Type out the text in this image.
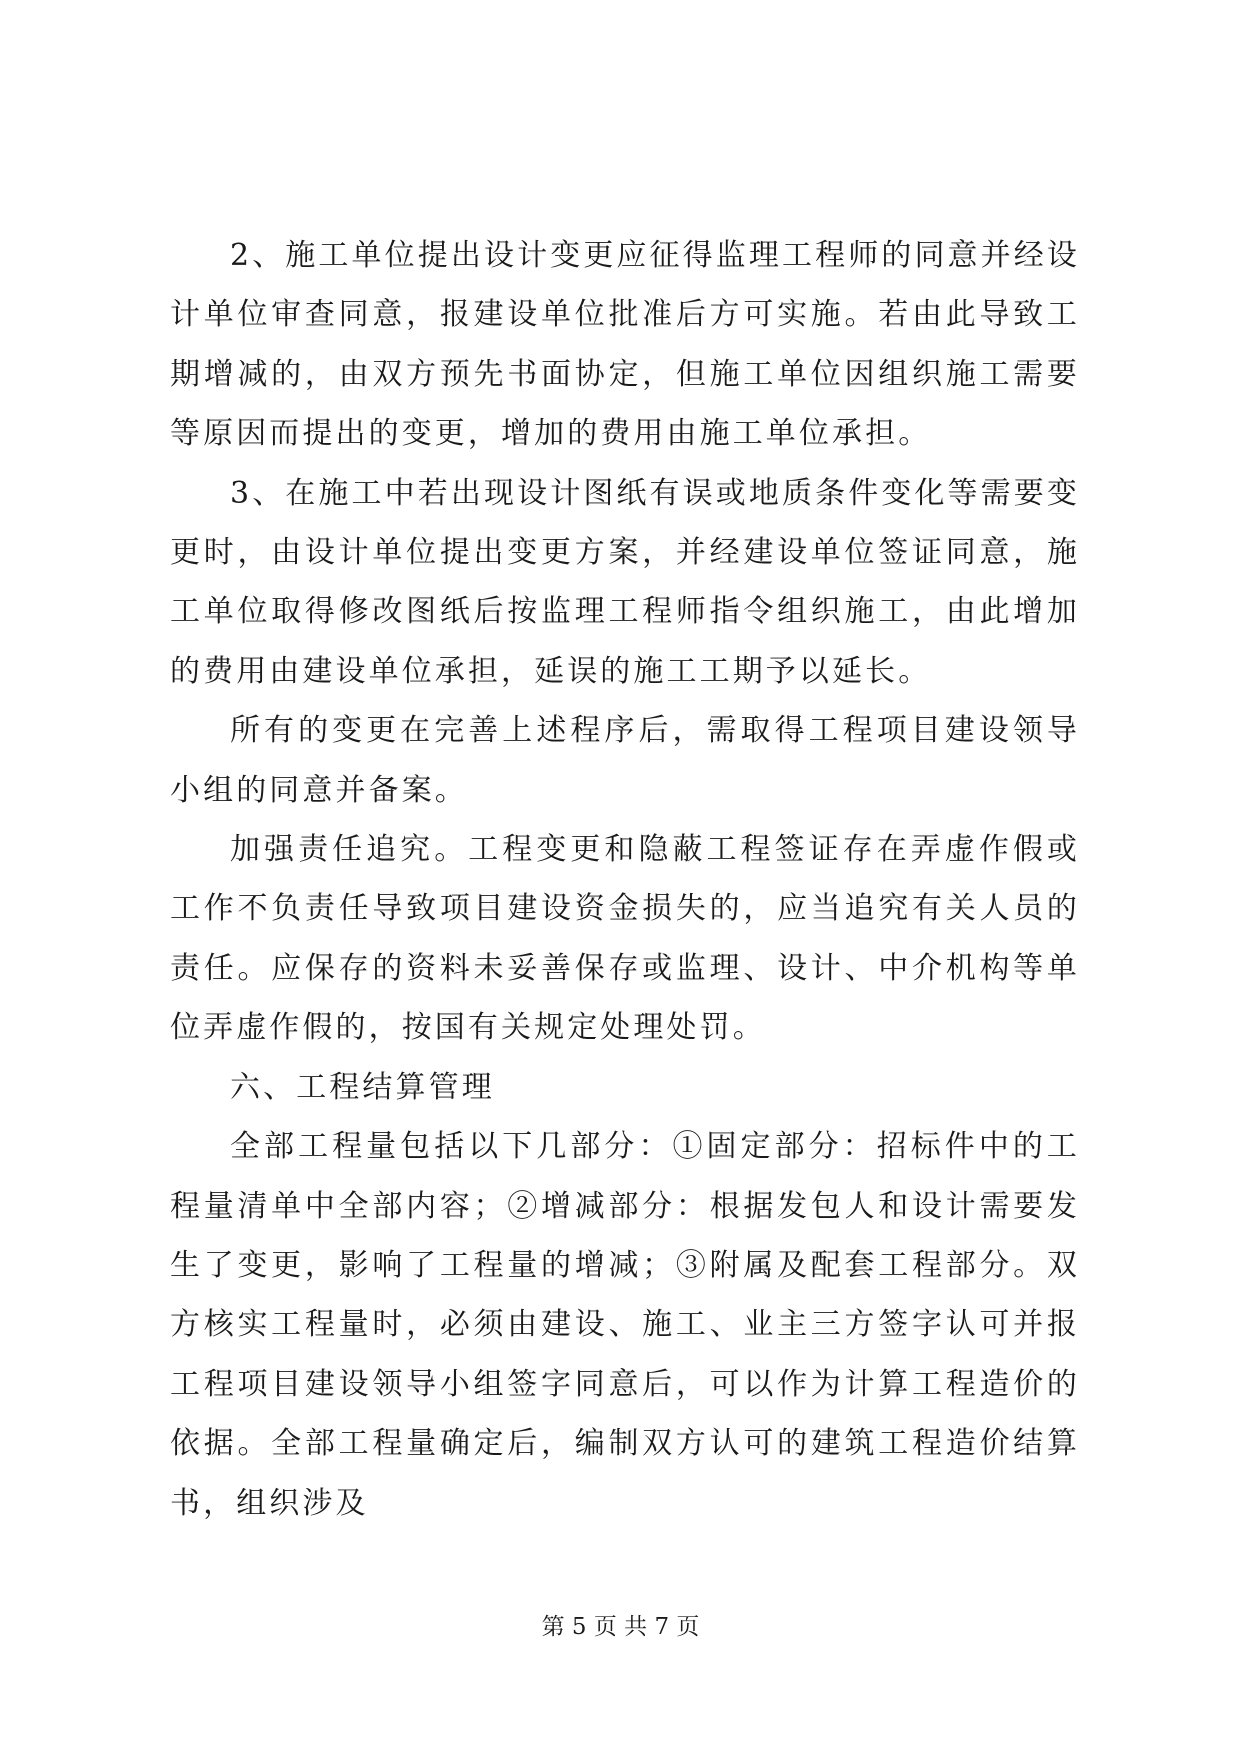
2、施工单位提出设计变更应征得监理工程师的同意并经设计单位审查同意，报建设单位批准后方可实施。若由此导致工期增减的，由双方预先书面协定，但施工单位因组织施工需要等原因而提出的变更，增加的费用由施工单位承担。

3、在施工中若出现设计图纸有误或地质条件变化等需要变更时，由设计单位提出变更方案，并经建设单位签证同意，施工单位取得修改图纸后按监理工程师指令组织施工，由此增加的费用由建设单位承担，延误的施工工期予以延长。

所有的变更在完善上述程序后，需取得工程项目建设领导小组的同意并备案。

加强责任追究。工程变更和隐蔽工程签证存在弄虚作假或工作不负责任导致项目建设资金损失的，应当追究有关人员的责任。应保存的资料未妥善保存或监理、设计、中介机构等单位弄虚作假的，按国有关规定处理处罚。

六、工程结算管理

全部工程量包括以下几部分：①固定部分：招标件中的工程量清单中全部内容；②增减部分：根据发包人和设计需要发生了变更，影响了工程量的增减；③附属及配套工程部分。双方核实工程量时，必须由建设、施工、业主三方签字认可并报工程项目建设领导小组签字同意后，可以作为计算工程造价的依据。全部工程量确定后，编制双方认可的建筑工程造价结算书，组织涉及

第 5 页 共 7 页
